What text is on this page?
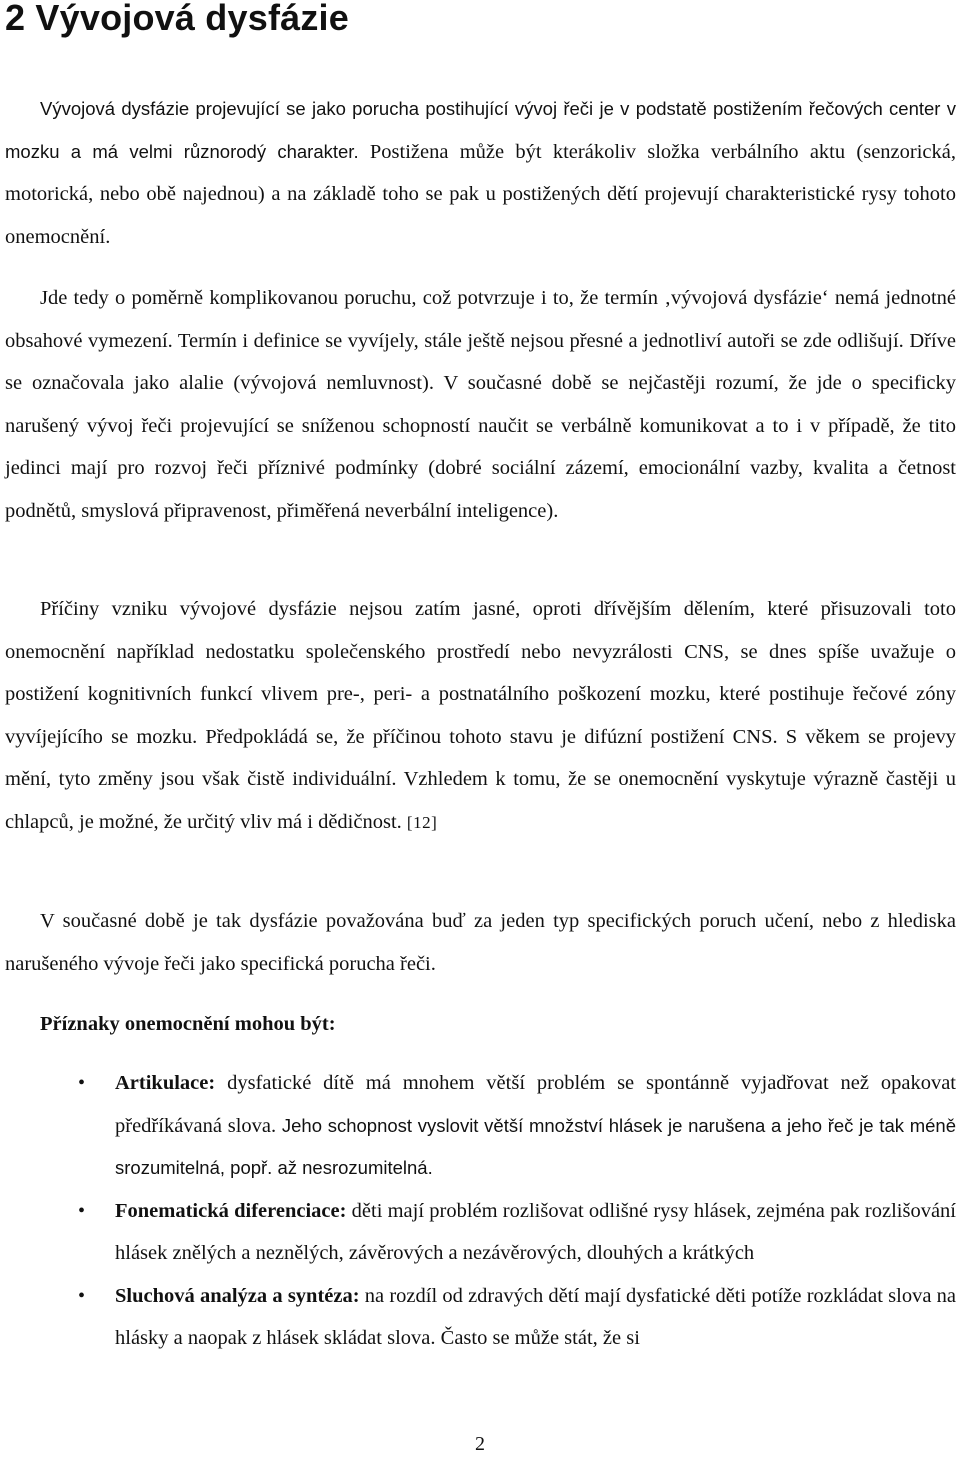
2 Vývojová dysfázie

Vývojová dysfázie projevující se jako porucha postihující vývoj řeči je v podstatě postižením řečových center v mozku a má velmi různorodý charakter. Postižena může být kterákoliv složka verbálního aktu (senzorická, motorická, nebo obě najednou) a na základě toho se pak u postižených dětí projevují charakteristické rysy tohoto onemocnění.

Jde tedy o poměrně komplikovanou poruchu, což potvrzuje i to, že termín ‚vývojová dysfázie‘ nemá jednotné obsahové vymezení. Termín i definice se vyvíjely, stále ještě nejsou přesné a jednotliví autoři se zde odlišují. Dříve se označovala jako alalie (vývojová nemluvnost). V současné době se nejčastěji rozumí, že jde o specificky narušený vývoj řeči projevující se sníženou schopností naučit se verbálně komunikovat a to i v případě, že tito jedinci mají pro rozvoj řeči příznivé podmínky (dobré sociální zázemí, emocionální vazby, kvalita a četnost podnětů, smyslová připravenost, přiměřená neverbální inteligence).

Příčiny vzniku vývojové dysfázie nejsou zatím jasné, oproti dřívějším dělením, které přisuzovali toto onemocnění například nedostatku společenského prostředí nebo nevyzrálosti CNS, se dnes spíše uvažuje o postižení kognitivních funkcí vlivem pre-, peri- a postnatálního poškození mozku, které postihuje řečové zóny vyvíjejícího se mozku. Předpokládá se, že příčinou tohoto stavu je difúzní postižení CNS. S věkem se projevy mění, tyto změny jsou však čistě individuální. Vzhledem k tomu, že se onemocnění vyskytuje výrazně častěji u chlapců, je možné, že určitý vliv má i dědičnost. [12]

V současné době je tak dysfázie považována buď za jeden typ specifických poruch učení, nebo z hlediska narušeného vývoje řeči jako specifická porucha řeči.

Příznaky onemocnění mohou být:

• Artikulace: dysfatické dítě má mnohem větší problém se spontánně vyjadřovat než opakovat předříkávaná slova. Jeho schopnost vyslovit větší množství hlásek je narušena a jeho řeč je tak méně srozumitelná, popř. až nesrozumitelná.
• Fonematická diferenciace: děti mají problém rozlišovat odlišné rysy hlásek, zejména pak rozlišování hlásek znělých a neznělých, závěrových a nezávěrových, dlouhých a krátkých
• Sluchová analýza a syntéza: na rozdíl od zdravých dětí mají dysfatické děti potíže rozkládat slova na hlásky a naopak z hlásek skládat slova. Často se může stát, že si
2
